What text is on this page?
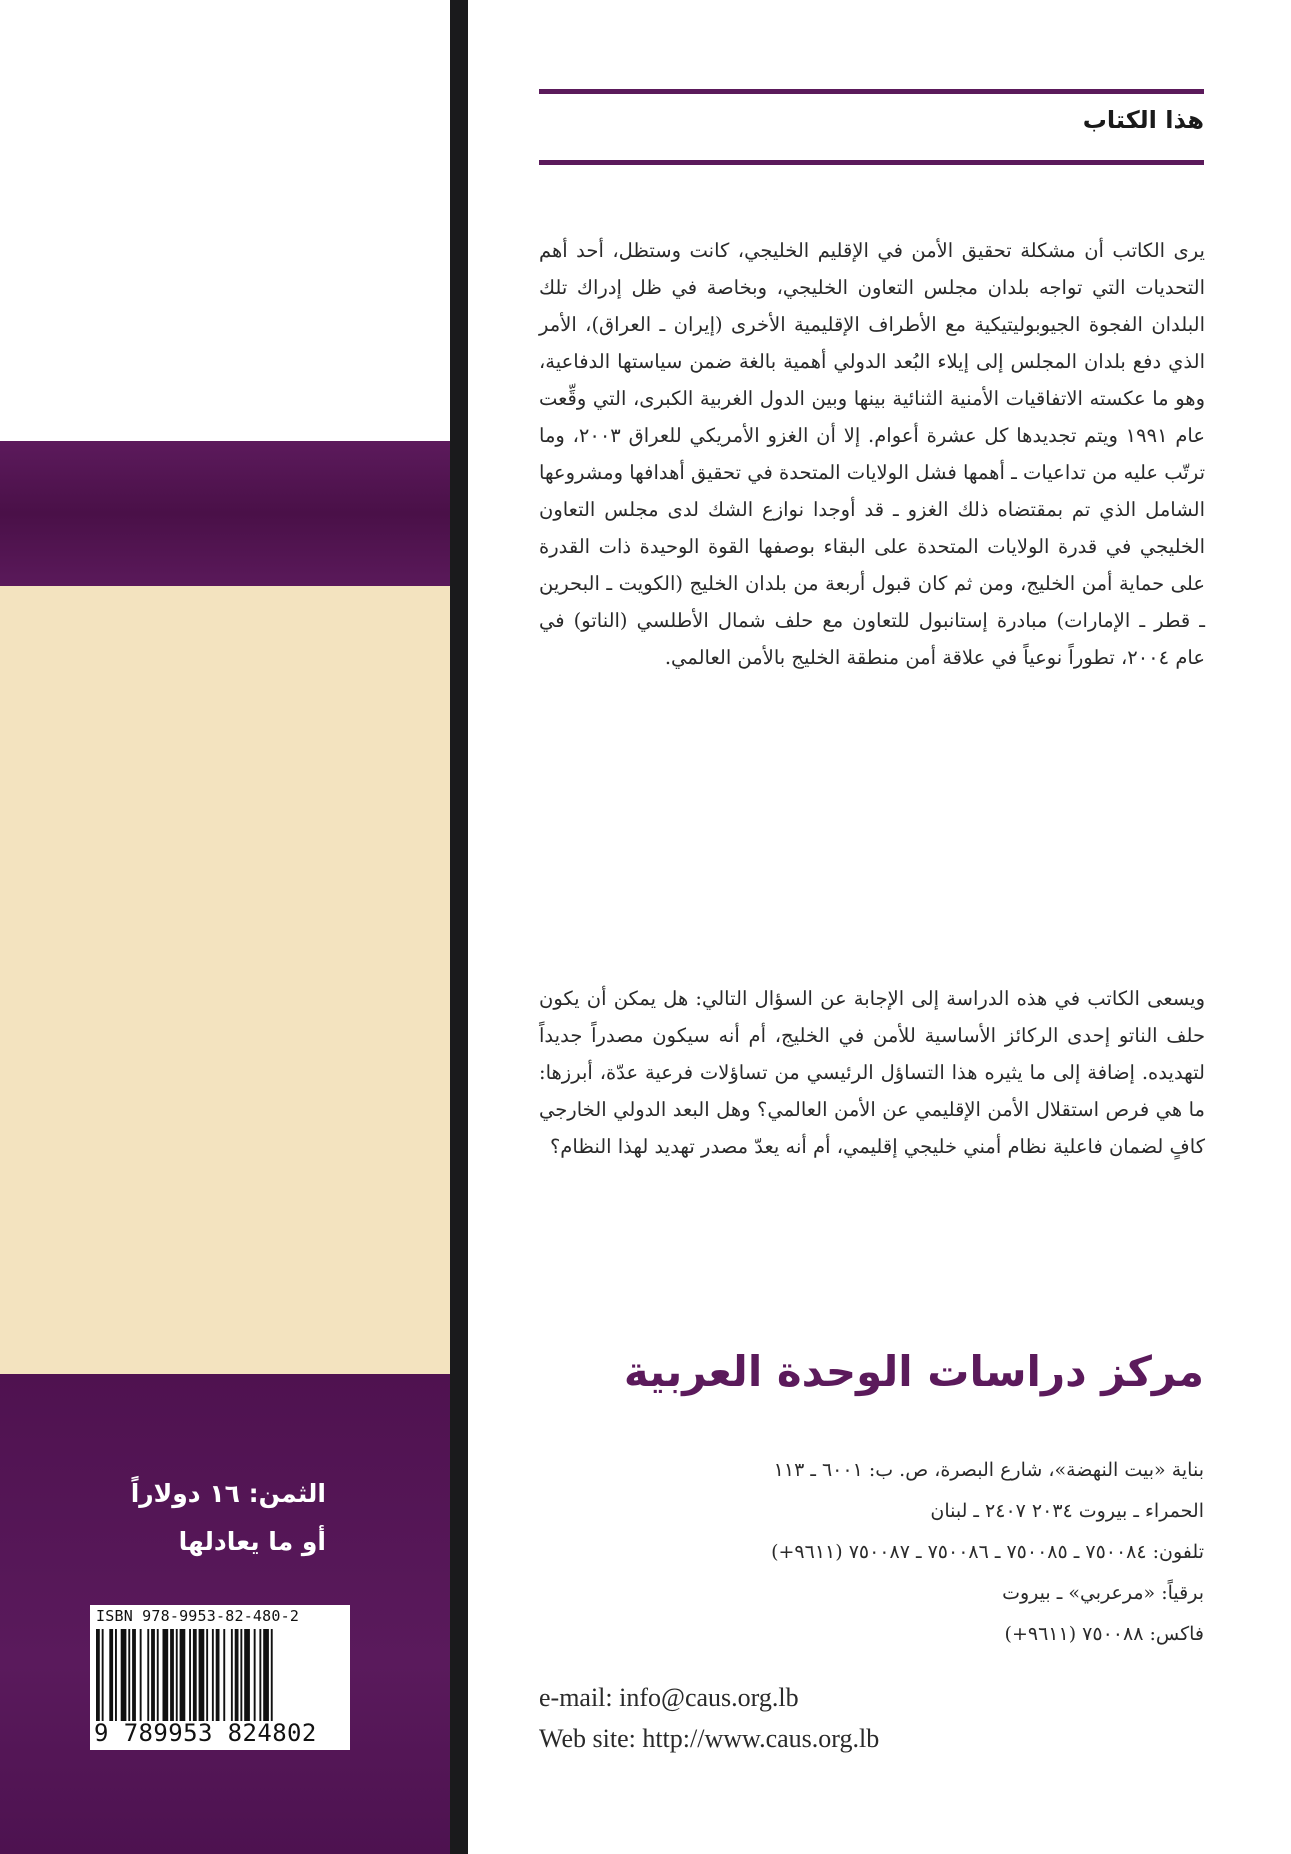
الثمن: ١٦ دولاراً
أو ما يعادلها
ISBN 978-9953-82-480-2
9 789953 824802
هذا الكتاب

يرى الكاتب أن مشكلة تحقيق الأمن في الإقليم الخليجي، كانت وستظل، أحد أهم التحديات التي تواجه بلدان مجلس التعاون الخليجي، وبخاصة في ظل إدراك تلك البلدان الفجوة الجيوبوليتيكية مع الأطراف الإقليمية الأخرى (إيران ـ العراق)، الأمر الذي دفع بلدان المجلس إلى إيلاء البُعد الدولي أهمية بالغة ضمن سياستها الدفاعية، وهو ما عكسته الاتفاقيات الأمنية الثنائية بينها وبين الدول الغربية الكبرى، التي وقِّعت عام ١٩٩١ ويتم تجديدها كل عشرة أعوام. إلا أن الغزو الأمريكي للعراق ٢٠٠٣، وما ترتّب عليه من تداعيات ـ أهمها فشل الولايات المتحدة في تحقيق أهدافها ومشروعها الشامل الذي تم بمقتضاه ذلك الغزو ـ قد أوجدا نوازع الشك لدى مجلس التعاون الخليجي في قدرة الولايات المتحدة على البقاء بوصفها القوة الوحيدة ذات القدرة على حماية أمن الخليج، ومن ثم كان قبول أربعة من بلدان الخليج (الكويت ـ البحرين ـ قطر ـ الإمارات) مبادرة إستانبول للتعاون مع حلف شمال الأطلسي (الناتو) في عام ٢٠٠٤، تطوراً نوعياً في علاقة أمن منطقة الخليج بالأمن العالمي.

ويسعى الكاتب في هذه الدراسة إلى الإجابة عن السؤال التالي: هل يمكن أن يكون حلف الناتو إحدى الركائز الأساسية للأمن في الخليج، أم أنه سيكون مصدراً جديداً لتهديده. إضافة إلى ما يثيره هذا التساؤل الرئيسي من تساؤلات فرعية عدّة، أبرزها: ما هي فرص استقلال الأمن الإقليمي عن الأمن العالمي؟ وهل البعد الدولي الخارجي كافٍ لضمان فاعلية نظام أمني خليجي إقليمي، أم أنه يعدّ مصدر تهديد لهذا النظام؟

مركز دراسات الوحدة العربية
بناية «بيت النهضة»، شارع البصرة، ص. ب: ٦٠٠١ ـ ١١٣
الحمراء ـ بيروت ٢٠٣٤ ٢٤٠٧ ـ لبنان
تلفون: ٧٥٠٠٨٤ ـ ٧٥٠٠٨٥ ـ ٧٥٠٠٨٦ ـ ٧٥٠٠٨٧ (٩٦١١+)
برقياً: «مرعربي» ـ بيروت
فاكس: ٧٥٠٠٨٨ (٩٦١١+)
e-mail: info@caus.org.lb
Web site: http://www.caus.org.lb
